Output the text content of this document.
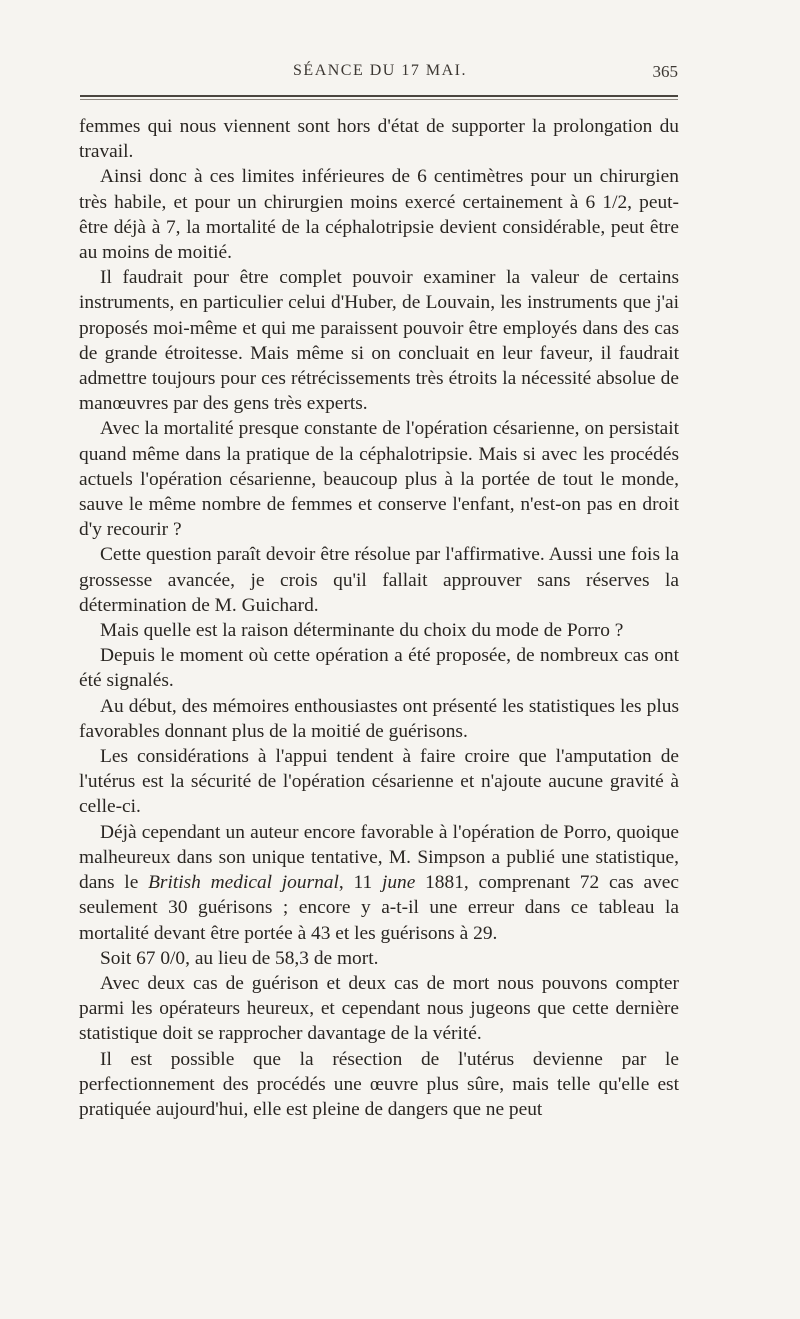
SÉANCE DU 17 MAI.	365

femmes qui nous viennent sont hors d'état de supporter la prolongation du travail.

Ainsi donc à ces limites inférieures de 6 centimètres pour un chirurgien très habile, et pour un chirurgien moins exercé certainement à 6 1/2, peut-être déjà à 7, la mortalité de la céphalotripsie devient considérable, peut être au moins de moitié.

Il faudrait pour être complet pouvoir examiner la valeur de certains instruments, en particulier celui d'Huber, de Louvain, les instruments que j'ai proposés moi-même et qui me paraissent pouvoir être employés dans des cas de grande étroitesse. Mais même si on concluait en leur faveur, il faudrait admettre toujours pour ces rétrécissements très étroits la nécessité absolue de manœuvres par des gens très experts.

Avec la mortalité presque constante de l'opération césarienne, on persistait quand même dans la pratique de la céphalotripsie. Mais si avec les procédés actuels l'opération césarienne, beaucoup plus à la portée de tout le monde, sauve le même nombre de femmes et conserve l'enfant, n'est-on pas en droit d'y recourir ?

Cette question paraît devoir être résolue par l'affirmative. Aussi une fois la grossesse avancée, je crois qu'il fallait approuver sans réserves la détermination de M. Guichard.

Mais quelle est la raison déterminante du choix du mode de Porro ?

Depuis le moment où cette opération a été proposée, de nombreux cas ont été signalés.

Au début, des mémoires enthousiastes ont présenté les statistiques les plus favorables donnant plus de la moitié de guérisons.

Les considérations à l'appui tendent à faire croire que l'amputation de l'utérus est la sécurité de l'opération césarienne et n'ajoute aucune gravité à celle-ci.

Déjà cependant un auteur encore favorable à l'opération de Porro, quoique malheureux dans son unique tentative, M. Simpson a publié une statistique, dans le British medical journal, 11 june 1881, comprenant 72 cas avec seulement 30 guérisons ; encore y a-t-il une erreur dans ce tableau la mortalité devant être portée à 43 et les guérisons à 29.

Soit 67 0/0, au lieu de 58,3 de mort.

Avec deux cas de guérison et deux cas de mort nous pouvons compter parmi les opérateurs heureux, et cependant nous jugeons que cette dernière statistique doit se rapprocher davantage de la vérité.

Il est possible que la résection de l'utérus devienne par le perfectionnement des procédés une œuvre plus sûre, mais telle qu'elle est pratiquée aujourd'hui, elle est pleine de dangers que ne peut
